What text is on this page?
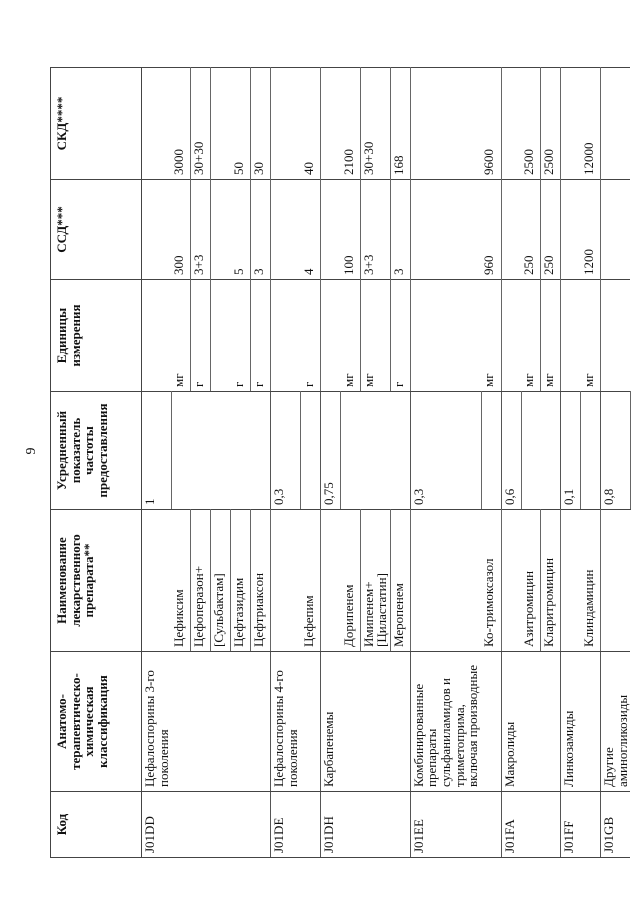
9
Код	Анатомо-терапевтическо-химическая классификация	Наименование лекарственного препарата**	Усредненный показатель частоты предоставления	Единицы измерения	ССД***	СКД****
J01DD	Цефалоспорины 3-го поколения		1			
		Цефиксим		мг	300	3000
		Цефоперазон+		г	3+3	30+30
		[Сульбактам]				
		Цефтазидим		г	5	50
		Цефтриаксон		г	3	30
J01DE	Цефалоспорины 4-го поколения		0,3			
		Цефепим		г	4	40
J01DH	Карбапенемы		0,75			
		Дорипенем		мг	100	2100
		Имипенем+[Циластатин]		мг	3+3	30+30
		Меропенем		г	3	168
J01EE	Комбинированные препараты сульфаниламидов и триметоприма, включая производные		0,3			
		Ко-тримоксазол		мг	960	9600
J01FA	Макролиды		0,6			
		Азитромицин		мг	250	2500
		Кларитромицин		мг	250	2500
J01FF	Линкозамиды		0,1			
		Клиндамицин		мг	1200	12000
J01GB	Другие аминогликозиды		0,8			
